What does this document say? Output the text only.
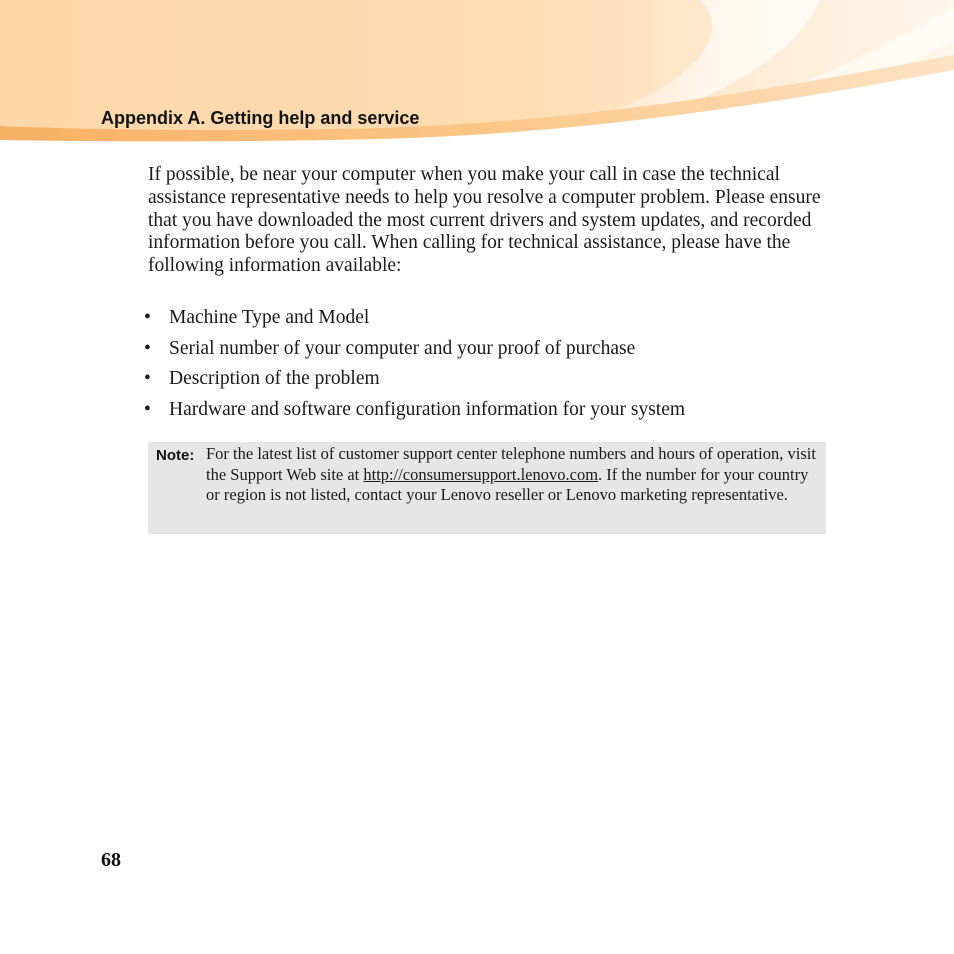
Appendix A. Getting help and service

If possible, be near your computer when you make your call in case the technical assistance representative needs to help you resolve a computer problem. Please ensure that you have downloaded the most current drivers and system updates, and recorded information before you call. When calling for technical assistance, please have the following information available:

• Machine Type and Model
• Serial number of your computer and your proof of purchase
• Description of the problem
• Hardware and software configuration information for your system
Note: For the latest list of customer support center telephone numbers and hours of operation, visit the Support Web site at http://consumersupport.lenovo.com. If the number for your country or region is not listed, contact your Lenovo reseller or Lenovo marketing representative.

68
